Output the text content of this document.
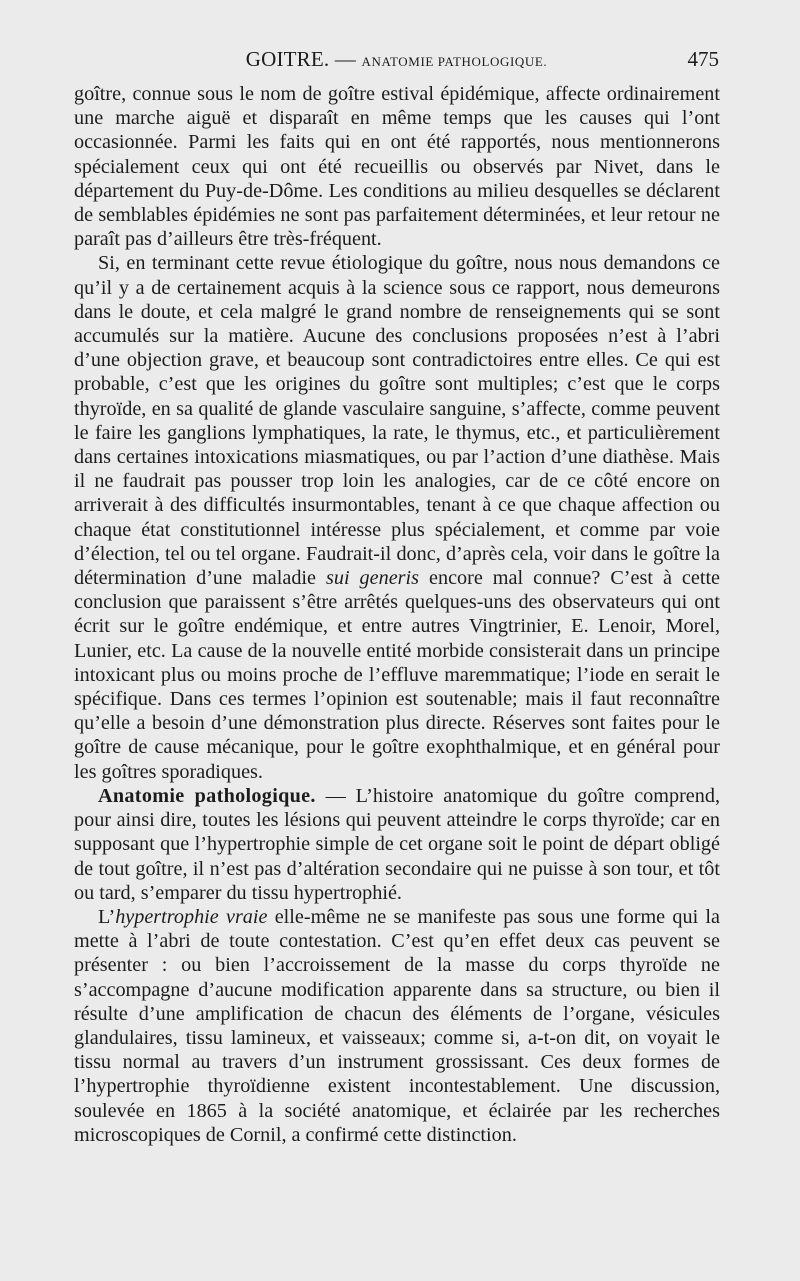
GOITRE. — ANATOMIE PATHOLOGIQUE.	475

goître, connue sous le nom de goître estival épidémique, affecte ordinairement une marche aiguë et disparaît en même temps que les causes qui l’ont occasionnée. Parmi les faits qui en ont été rapportés, nous mentionnerons spécialement ceux qui ont été recueillis ou observés par Nivet, dans le département du Puy-de-Dôme. Les conditions au milieu desquelles se déclarent de semblables épidémies ne sont pas parfaitement déterminées, et leur retour ne paraît pas d’ailleurs être très-fréquent.

Si, en terminant cette revue étiologique du goître, nous nous demandons ce qu’il y a de certainement acquis à la science sous ce rapport, nous demeurons dans le doute, et cela malgré le grand nombre de renseignements qui se sont accumulés sur la matière. Aucune des conclusions proposées n’est à l’abri d’une objection grave, et beaucoup sont contradictoires entre elles. Ce qui est probable, c’est que les origines du goître sont multiples; c’est que le corps thyroïde, en sa qualité de glande vasculaire sanguine, s’affecte, comme peuvent le faire les ganglions lymphatiques, la rate, le thymus, etc., et particulièrement dans certaines intoxications miasmatiques, ou par l’action d’une diathèse. Mais il ne faudrait pas pousser trop loin les analogies, car de ce côté encore on arriverait à des difficultés insurmontables, tenant à ce que chaque affection ou chaque état constitutionnel intéresse plus spécialement, et comme par voie d’élection, tel ou tel organe. Faudrait-il donc, d’après cela, voir dans le goître la détermination d’une maladie sui generis encore mal connue? C’est à cette conclusion que paraissent s’être arrêtés quelques-uns des observateurs qui ont écrit sur le goître endémique, et entre autres Vingtrinier, E. Lenoir, Morel, Lunier, etc. La cause de la nouvelle entité morbide consisterait dans un principe intoxicant plus ou moins proche de l’effluve maremmatique; l’iode en serait le spécifique. Dans ces termes l’opinion est soutenable; mais il faut reconnaître qu’elle a besoin d’une démonstration plus directe. Réserves sont faites pour le goître de cause mécanique, pour le goître exophthalmique, et en général pour les goîtres sporadiques.

Anatomie pathologique. — L’histoire anatomique du goître comprend, pour ainsi dire, toutes les lésions qui peuvent atteindre le corps thyroïde; car en supposant que l’hypertrophie simple de cet organe soit le point de départ obligé de tout goître, il n’est pas d’altération secondaire qui ne puisse à son tour, et tôt ou tard, s’emparer du tissu hypertrophié.

L’hypertrophie vraie elle-même ne se manifeste pas sous une forme qui la mette à l’abri de toute contestation. C’est qu’en effet deux cas peuvent se présenter : ou bien l’accroissement de la masse du corps thyroïde ne s’accompagne d’aucune modification apparente dans sa structure, ou bien il résulte d’une amplification de chacun des éléments de l’organe, vésicules glandulaires, tissu lamineux, et vaisseaux; comme si, a-t-on dit, on voyait le tissu normal au travers d’un instrument grossissant. Ces deux formes de l’hypertrophie thyroïdienne existent incontestablement. Une discussion, soulevée en 1865 à la société anatomique, et éclairée par les recherches microscopiques de Cornil, a confirmé cette distinction.
